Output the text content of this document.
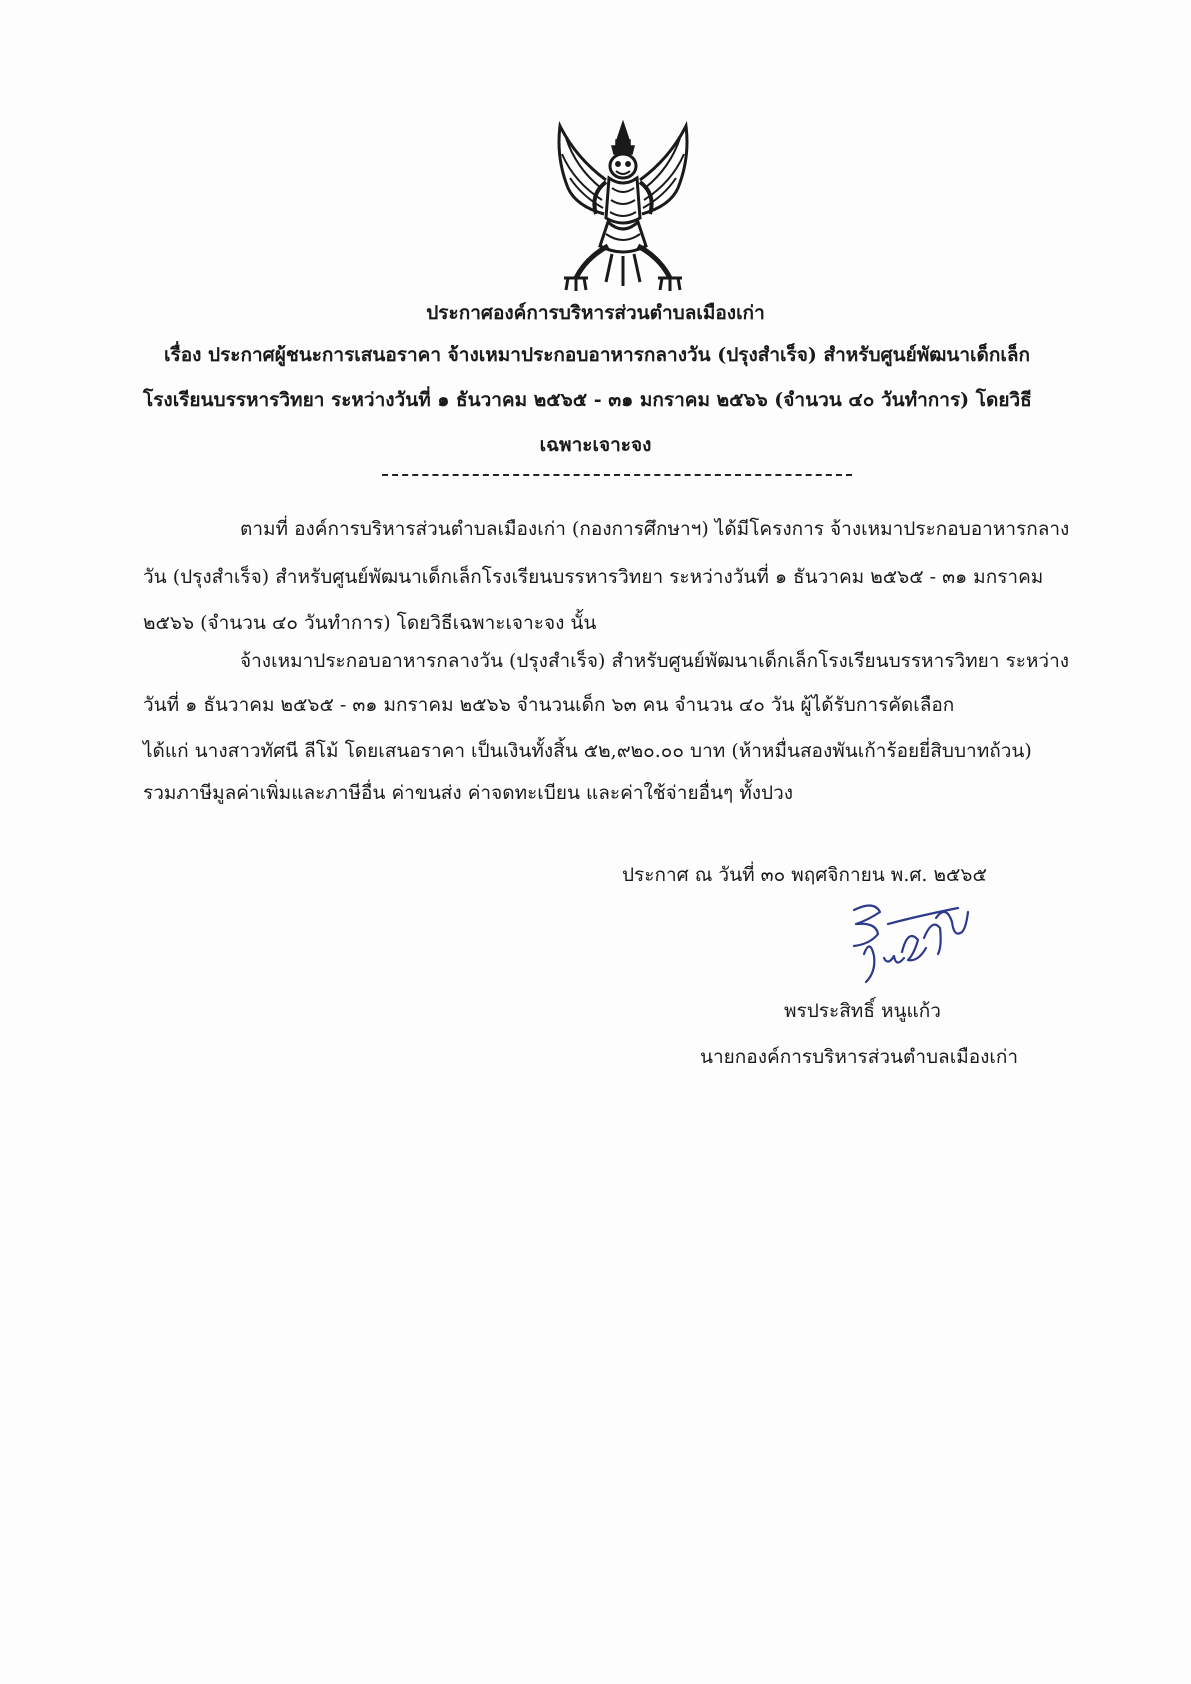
ประกาศองค์การบริหารส่วนตำบลเมืองเก่า
เรื่อง ประกาศผู้ชนะการเสนอราคา จ้างเหมาประกอบอาหารกลางวัน (ปรุงสำเร็จ) สำหรับศูนย์พัฒนาเด็กเล็ก
โรงเรียนบรรหารวิทยา ระหว่างวันที่ ๑ ธันวาคม ๒๕๖๕ - ๓๑ มกราคม ๒๕๖๖ (จำนวน ๔๐ วันทำการ) โดยวิธี
เฉพาะเจาะจง
ตามที่ องค์การบริหารส่วนตำบลเมืองเก่า (กองการศึกษาฯ) ได้มีโครงการ จ้างเหมาประกอบอาหารกลาง
วัน (ปรุงสำเร็จ) สำหรับศูนย์พัฒนาเด็กเล็กโรงเรียนบรรหารวิทยา ระหว่างวันที่ ๑ ธันวาคม ๒๕๖๕ - ๓๑ มกราคม
๒๕๖๖ (จำนวน ๔๐ วันทำการ) โดยวิธีเฉพาะเจาะจง นั้น
จ้างเหมาประกอบอาหารกลางวัน (ปรุงสำเร็จ) สำหรับศูนย์พัฒนาเด็กเล็กโรงเรียนบรรหารวิทยา ระหว่าง
วันที่ ๑ ธันวาคม ๒๕๖๕ - ๓๑ มกราคม ๒๕๖๖ จำนวนเด็ก ๖๓ คน จำนวน ๔๐ วัน ผู้ได้รับการคัดเลือก
ได้แก่ นางสาวทัศนี ลีโม้ โดยเสนอราคา เป็นเงินทั้งสิ้น ๕๒,๙๒๐.๐๐ บาท (ห้าหมื่นสองพันเก้าร้อยยี่สิบบาทถ้วน)
รวมภาษีมูลค่าเพิ่มและภาษีอื่น ค่าขนส่ง ค่าจดทะเบียน และค่าใช้จ่ายอื่นๆ ทั้งปวง
ประกาศ ณ วันที่ ๓๐ พฤศจิกายน พ.ศ. ๒๕๖๕
พรประสิทธิ์ หนูแก้ว
นายกองค์การบริหารส่วนตำบลเมืองเก่า
